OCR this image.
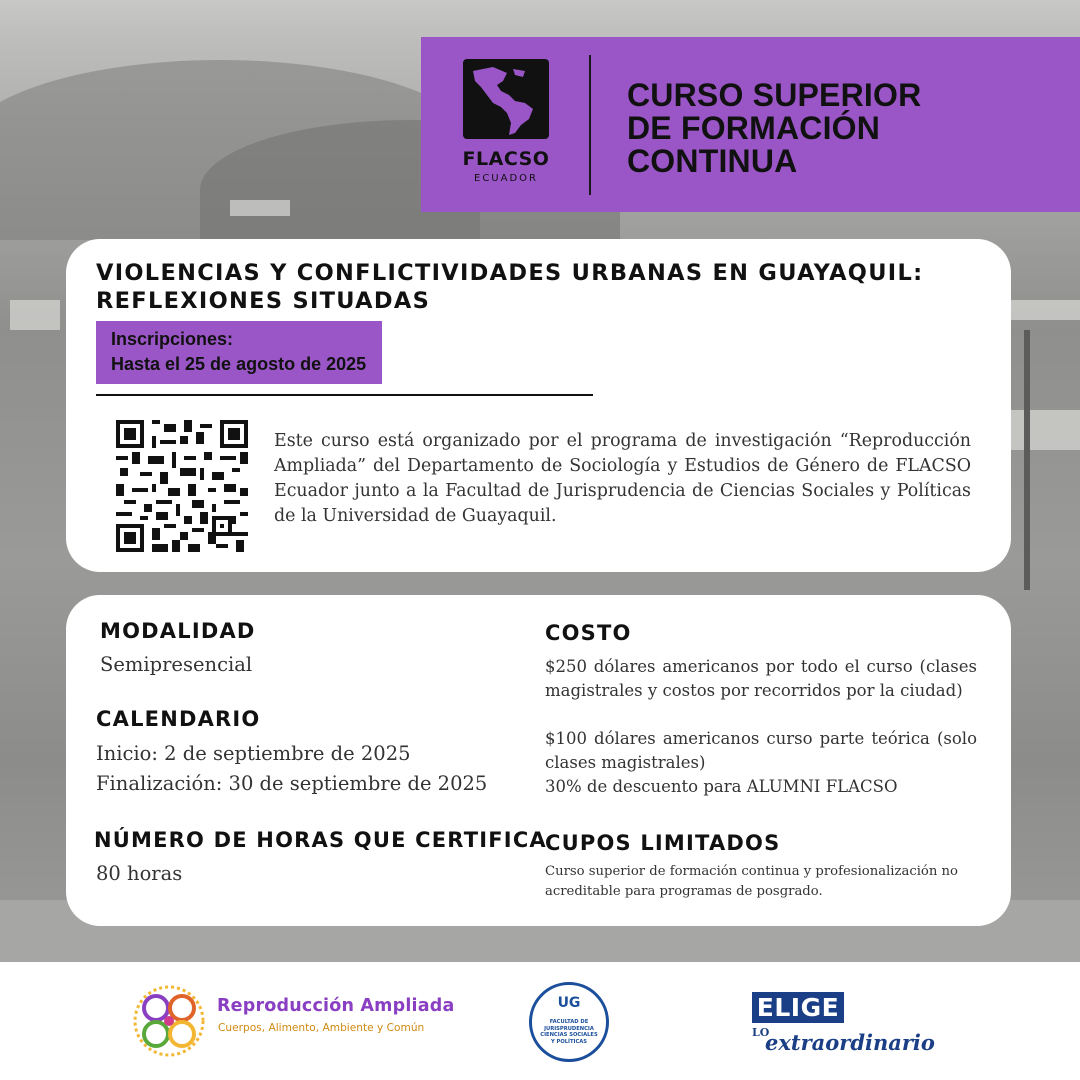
FLACSO
ECUADOR
CURSO SUPERIOR
DE FORMACIÓN
CONTINUA
VIOLENCIAS Y CONFLICTIVIDADES URBANAS EN GUAYAQUIL: REFLEXIONES SITUADAS
Inscripciones:
Hasta el 25 de agosto de 2025
Este curso está organizado por el programa de investigación “Reproducción Ampliada” del Departamento de Sociología y Estudios de Género de FLACSO Ecuador junto a la Facultad de Jurisprudencia de Ciencias Sociales y Políticas de la Universidad de Guayaquil.
MODALIDAD
Semipresencial
CALENDARIO
Inicio: 2 de septiembre de 2025
Finalización: 30 de septiembre de 2025
NÚMERO DE HORAS QUE CERTIFICA
80 horas
COSTO
$250 dólares americanos por todo el curso (clases magistrales y costos por recorridos por la ciudad)
$100 dólares americanos curso parte teórica (solo clases magistrales)
30% de descuento para ALUMNI FLACSO
CUPOS LIMITADOS
Curso superior de formación continua y profesionalización no acreditable para programas de posgrado.
Reproducción Ampliada
Cuerpos, Alimento, Ambiente y Común
UG
FACULTAD DE
JURISPRUDENCIA
CIENCIAS SOCIALES
Y POLÍTICAS
ELIGE
LO
extraordinario
